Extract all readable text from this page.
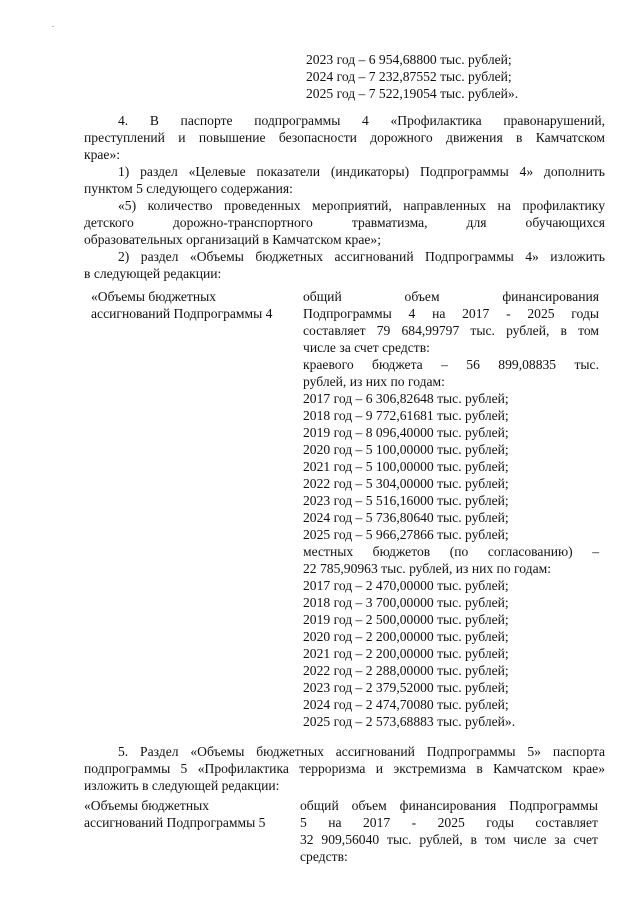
2023 год – 6 954,68800 тыс. рублей;
2024 год – 7 232,87552 тыс. рублей;
2025 год – 7 522,19054 тыс. рублей».
4. В паспорте подпрограммы 4 «Профилактика правонарушений,
преступлений и повышение безопасности дорожного движения в Камчатском
крае»:
1) раздел «Целевые показатели (индикаторы) Подпрограммы 4» дополнить
пунктом 5 следующего содержания:
«5) количество проведенных мероприятий, направленных на профилактику
детского дорожно-транспортного травматизма, для обучающихся
образовательных организаций в Камчатском крае»;
2) раздел «Объемы бюджетных ассигнований Подпрограммы 4» изложить
в следующей редакции:
«Объемы бюджетных
ассигнований Подпрограммы 4
общий объем финансирования
Подпрограммы 4 на 2017 - 2025 годы
составляет 79 684,99797 тыс. рублей, в том
числе за счет средств:
краевого бюджета – 56 899,08835 тыс.
рублей, из них по годам:
2017 год – 6 306,82648 тыс. рублей;
2018 год – 9 772,61681 тыс. рублей;
2019 год – 8 096,40000 тыс. рублей;
2020 год – 5 100,00000 тыс. рублей;
2021 год – 5 100,00000 тыс. рублей;
2022 год – 5 304,00000 тыс. рублей;
2023 год – 5 516,16000 тыс. рублей;
2024 год – 5 736,80640 тыс. рублей;
2025 год – 5 966,27866 тыс. рублей;
местных бюджетов (по согласованию) –
22 785,90963 тыс. рублей, из них по годам:
2017 год – 2 470,00000 тыс. рублей;
2018 год – 3 700,00000 тыс. рублей;
2019 год – 2 500,00000 тыс. рублей;
2020 год – 2 200,00000 тыс. рублей;
2021 год – 2 200,00000 тыс. рублей;
2022 год – 2 288,00000 тыс. рублей;
2023 год – 2 379,52000 тыс. рублей;
2024 год – 2 474,70080 тыс. рублей;
2025 год – 2 573,68883 тыс. рублей».
5. Раздел «Объемы бюджетных ассигнований Подпрограммы 5» паспорта
подпрограммы 5 «Профилактика терроризма и экстремизма в Камчатском крае»
изложить в следующей редакции:
«Объемы бюджетных
ассигнований Подпрограммы 5
общий объем финансирования Подпрограммы
5 на 2017 - 2025 годы составляет
32 909,56040 тыс. рублей, в том числе за счет
средств:
